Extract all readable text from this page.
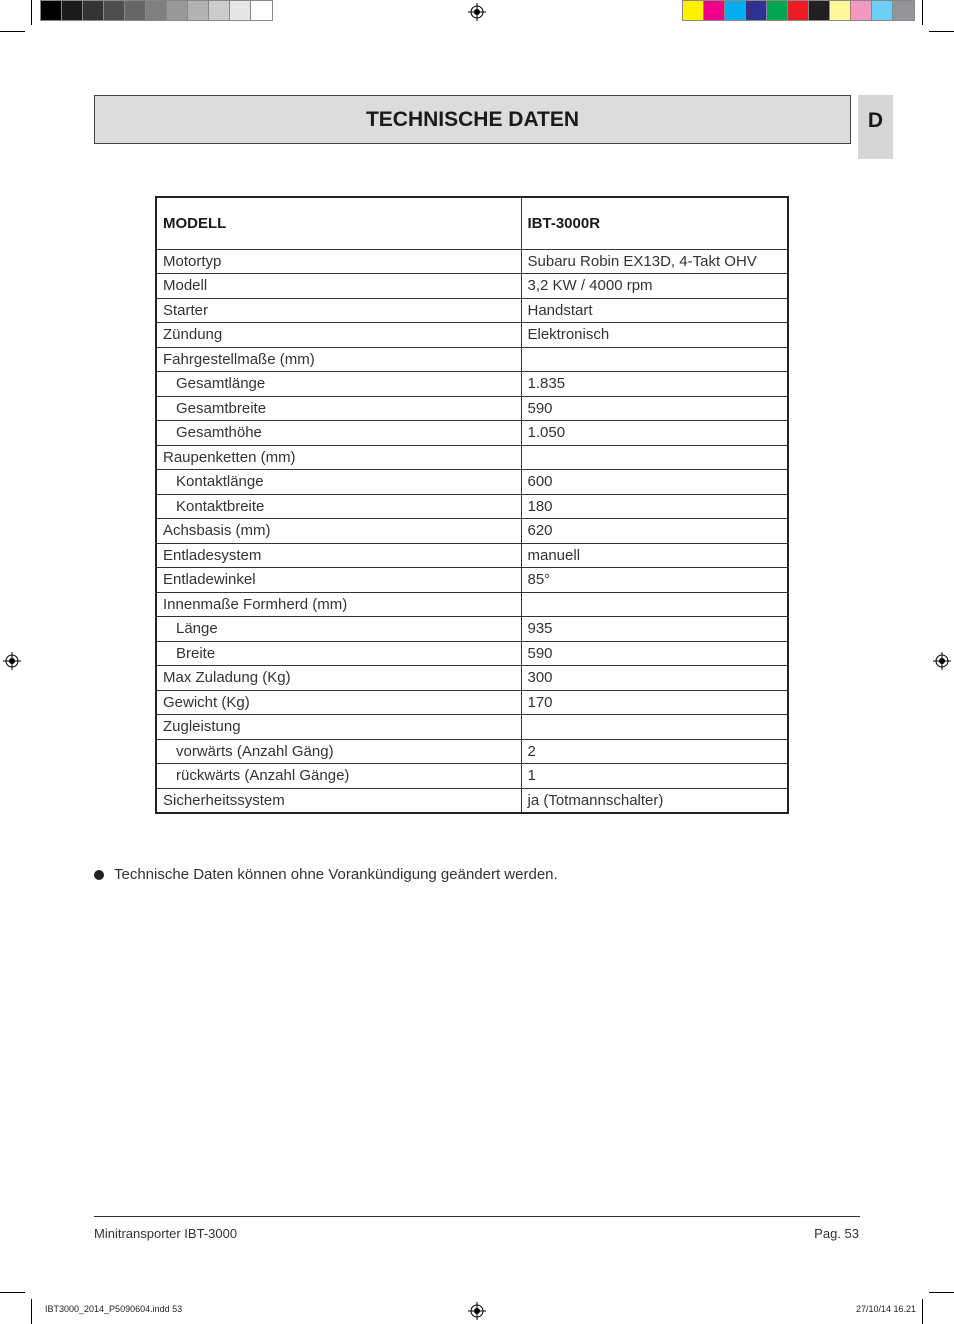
TECHNISCHE DATEN	D
MODELL	IBT-3000R
Motortyp	Subaru Robin EX13D, 4-Takt OHV
Modell	3,2 KW / 4000 rpm
Starter	Handstart
Zündung	Elektronisch
Fahrgestellmaße (mm)	
Gesamtlänge	1.835
Gesamtbreite	590
Gesamthöhe	1.050
Raupenketten (mm)	
Kontaktlänge	600
Kontaktbreite	180
Achsbasis (mm)	620
Entladesystem	manuell
Entladewinkel	85°
Innenmaße Formherd (mm)	
Länge	935
Breite	590
Max Zuladung (Kg)	300
Gewicht (Kg)	170
Zugleistung	
vorwärts (Anzahl Gäng)	2
rückwärts (Anzahl Gänge)	1
Sicherheitssystem	ja (Totmannschalter)
Technische Daten können ohne Vorankündigung geändert werden.
Minitransporter IBT-3000	Pag. 53
IBT3000_2014_P5090604.indd 53	27/10/14 16.21
